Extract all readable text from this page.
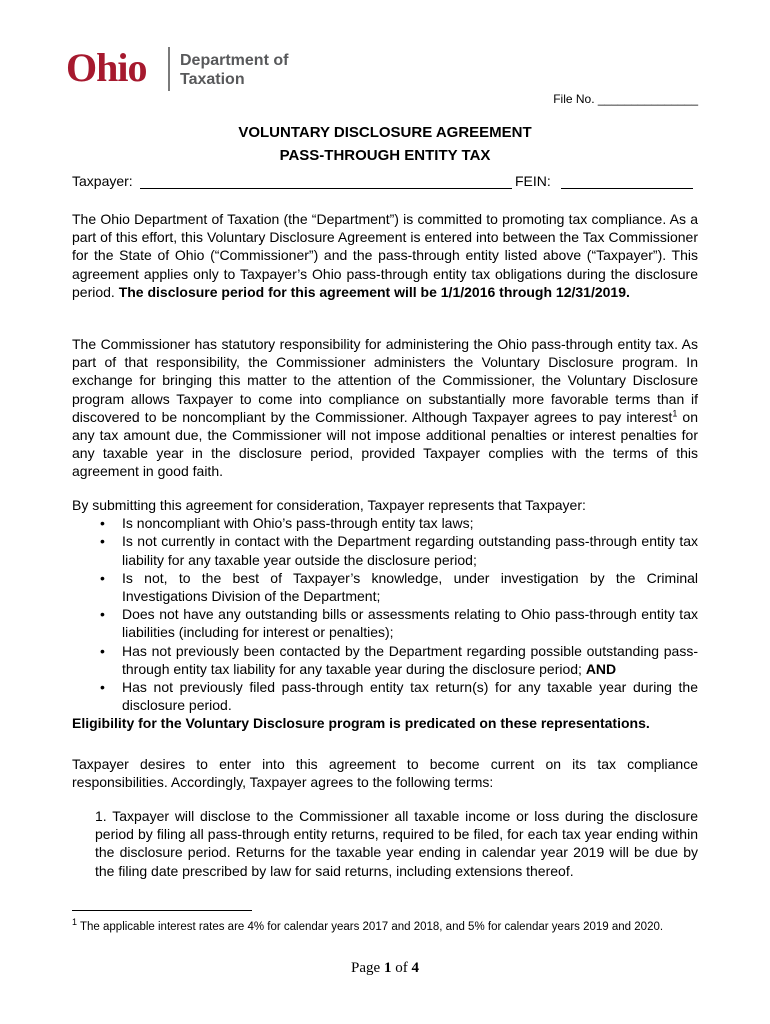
Ohio Department of
Taxation
File No. _______________
VOLUNTARY DISCLOSURE AGREEMENT
PASS-THROUGH ENTITY TAX
Taxpayer:	FEIN:
The Ohio Department of Taxation (the “Department”) is committed to promoting tax compliance. As a part of this effort, this Voluntary Disclosure Agreement is entered into between the Tax Commissioner for the State of Ohio (“Commissioner”) and the pass-through entity listed above (“Taxpayer”). This agreement applies only to Taxpayer’s Ohio pass-through entity tax obligations during the disclosure period. The disclosure period for this agreement will be 1/1/2016 through 12/31/2019.
The Commissioner has statutory responsibility for administering the Ohio pass-through entity tax. As part of that responsibility, the Commissioner administers the Voluntary Disclosure program. In exchange for bringing this matter to the attention of the Commissioner, the Voluntary Disclosure program allows Taxpayer to come into compliance on substantially more favorable terms than if discovered to be noncompliant by the Commissioner. Although Taxpayer agrees to pay interest$^1$ on any tax amount due, the Commissioner will not impose additional penalties or interest penalties for any taxable year in the disclosure period, provided Taxpayer complies with the terms of this agreement in good faith.
By submitting this agreement for consideration, Taxpayer represents that Taxpayer:
• Is noncompliant with Ohio’s pass-through entity tax laws;
• Is not currently in contact with the Department regarding outstanding pass-through entity tax liability for any taxable year outside the disclosure period;
• Is not, to the best of Taxpayer’s knowledge, under investigation by the Criminal Investigations Division of the Department;
• Does not have any outstanding bills or assessments relating to Ohio pass-through entity tax liabilities (including for interest or penalties);
• Has not previously been contacted by the Department regarding possible outstanding pass-through entity tax liability for any taxable year during the disclosure period; AND
• Has not previously filed pass-through entity tax return(s) for any taxable year during the disclosure period.
Eligibility for the Voluntary Disclosure program is predicated on these representations.
Taxpayer desires to enter into this agreement to become current on its tax compliance responsibilities. Accordingly, Taxpayer agrees to the following terms:
1. Taxpayer will disclose to the Commissioner all taxable income or loss during the disclosure period by filing all pass-through entity returns, required to be filed, for each tax year ending within the disclosure period. Returns for the taxable year ending in calendar year 2019 will be due by the filing date prescribed by law for said returns, including extensions thereof.
$^1$ The applicable interest rates are 4% for calendar years 2017 and 2018, and 5% for calendar years 2019 and 2020.
Page 1 of 4
